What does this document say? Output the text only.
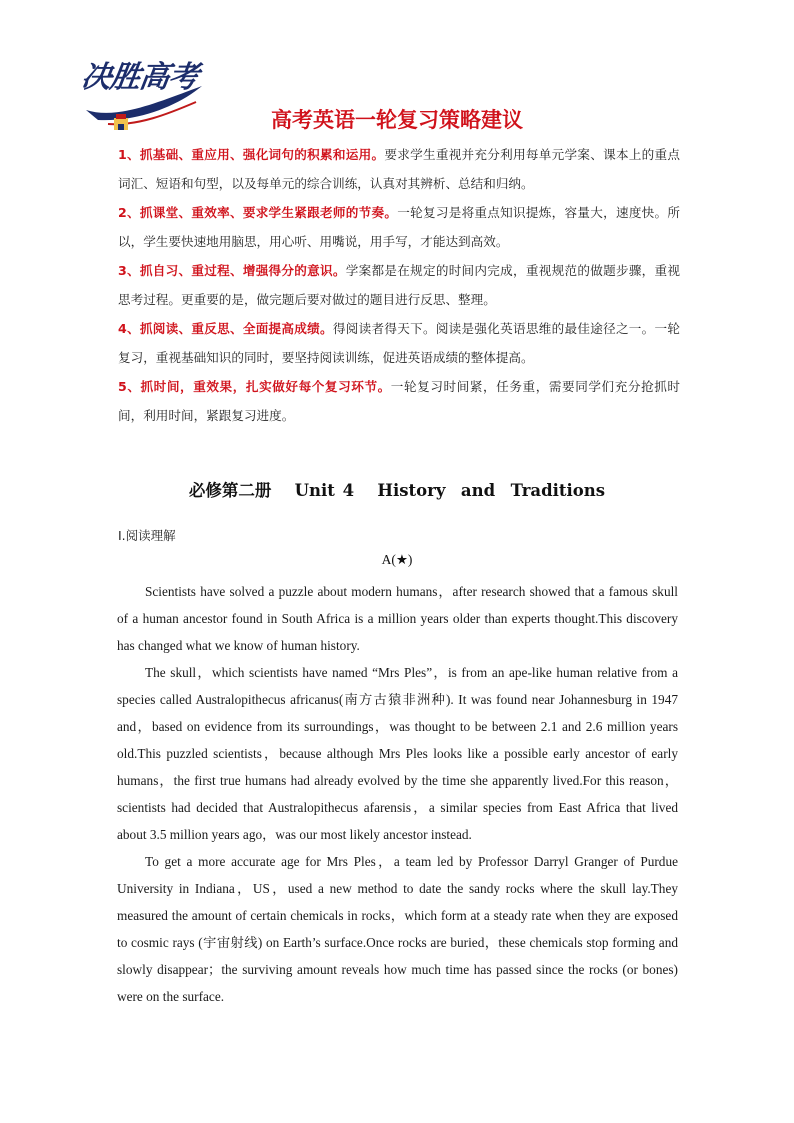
决胜高考
高考英语一轮复习策略建议

1、抓基础、重应用、强化词句的积累和运用。要求学生重视并充分利用每单元学案、课本上的重点词汇、短语和句型，以及每单元的综合训练，认真对其辨析、总结和归纳。

2、抓课堂、重效率、要求学生紧跟老师的节奏。一轮复习是将重点知识提炼，容量大，速度快。所以，学生要快速地用脑思，用心听、用嘴说，用手写，才能达到高效。

3、抓自习、重过程、增强得分的意识。学案都是在规定的时间内完成，重视规范的做题步骤，重视思考过程。更重要的是，做完题后要对做过的题目进行反思、整理。

4、抓阅读、重反思、全面提高成绩。得阅读者得天下。阅读是强化英语思维的最佳途径之一。一轮复习，重视基础知识的同时，要坚持阅读训练，促进英语成绩的整体提高。

5、抓时间，重效果，扎实做好每个复习环节。一轮复习时间紧，任务重，需要同学们充分抢抓时间，利用时间，紧跟复习进度。

必修第二册   Unit 4   History  and  Traditions
Ⅰ.阅读理解
A(★)

Scientists have solved a puzzle about modern humans，after research showed that a famous skull of a human ancestor found in South Africa is a million years older than experts thought.This discovery has changed what we know of human history.

The skull，which scientists have named “Mrs Ples”，is from an ape-like human relative from a species called Australopithecus africanus(南方古猿非洲种). It was found near Johannesburg in 1947 and，based on evidence from its surroundings，was thought to be between 2.1 and 2.6 million years old.This puzzled scientists，because although Mrs Ples looks like a possible early ancestor of early humans，the first true humans had already evolved by the time she apparently lived.For this reason，scientists had decided that Australopithecus afarensis，a similar species from East Africa that lived about 3.5 million years ago，was our most likely ancestor instead.

To get a more accurate age for Mrs Ples，a team led by Professor Darryl Granger of Purdue University in Indiana，US，used a new method to date the sandy rocks where the skull lay.They measured the amount of certain chemicals in rocks，which form at a steady rate when they are exposed to cosmic rays (宇宙射线) on Earth’s surface.Once rocks are buried，these chemicals stop forming and slowly disappear；the surviving amount reveals how much time has passed since the rocks (or bones) were on the surface.
